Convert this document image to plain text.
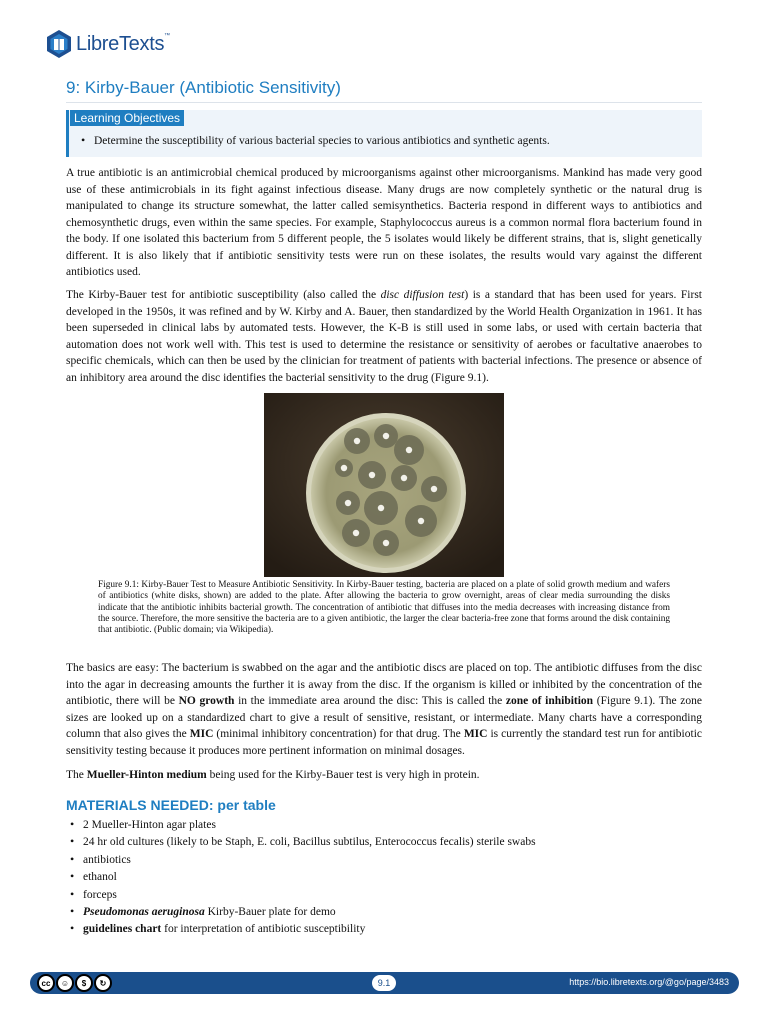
LibreTexts™
9: Kirby-Bauer (Antibiotic Sensitivity)
Learning Objectives
• Determine the susceptibility of various bacterial species to various antibiotics and synthetic agents.

A true antibiotic is an antimicrobial chemical produced by microorganisms against other microorganisms. Mankind has made very good use of these antimicrobials in its fight against infectious disease. Many drugs are now completely synthetic or the natural drug is manipulated to change its structure somewhat, the latter called semisynthetics. Bacteria respond in different ways to antibiotics and chemosynthetic drugs, even within the same species. For example, Staphylococcus aureus is a common normal flora bacterium found in the body. If one isolated this bacterium from 5 different people, the 5 isolates would likely be different strains, that is, slight genetically different. It is also likely that if antibiotic sensitivity tests were run on these isolates, the results would vary against the different antibiotics used.

The Kirby-Bauer test for antibiotic susceptibility (also called the disc diffusion test) is a standard that has been used for years. First developed in the 1950s, it was refined and by W. Kirby and A. Bauer, then standardized by the World Health Organization in 1961. It has been superseded in clinical labs by automated tests. However, the K-B is still used in some labs, or used with certain bacteria that automation does not work well with. This test is used to determine the resistance or sensitivity of aerobes or facultative anaerobes to specific chemicals, which can then be used by the clinician for treatment of patients with bacterial infections. The presence or absence of an inhibitory area around the disc identifies the bacterial sensitivity to the drug (Figure 9.1).

Figure 9.1: Kirby-Bauer Test to Measure Antibiotic Sensitivity. In Kirby-Bauer testing, bacteria are placed on a plate of solid growth medium and wafers of antibiotics (white disks, shown) are added to the plate. After allowing the bacteria to grow overnight, areas of clear media surrounding the disks indicate that the antibiotic inhibits bacterial growth. The concentration of antibiotic that diffuses into the media decreases with increasing distance from the source. Therefore, the more sensitive the bacteria are to a given antibiotic, the larger the clear bacteria-free zone that forms around the disk containing that antibiotic. (Public domain; via Wikipedia).

The basics are easy: The bacterium is swabbed on the agar and the antibiotic discs are placed on top. The antibiotic diffuses from the disc into the agar in decreasing amounts the further it is away from the disc. If the organism is killed or inhibited by the concentration of the antibiotic, there will be NO growth in the immediate area around the disc: This is called the zone of inhibition (Figure 9.1). The zone sizes are looked up on a standardized chart to give a result of sensitive, resistant, or intermediate. Many charts have a corresponding column that also gives the MIC (minimal inhibitory concentration) for that drug. The MIC is currently the standard test run for antibiotic sensitivity testing because it produces more pertinent information on minimal dosages.

The Mueller-Hinton medium being used for the Kirby-Bauer test is very high in protein.

MATERIALS NEEDED: per table
• 2 Mueller-Hinton agar plates
• 24 hr old cultures (likely to be Staph, E. coli, Bacillus subtilus, Enterococcus fecalis) sterile swabs
• antibiotics
• ethanol
• forceps
• Pseudomonas aeruginosa Kirby-Bauer plate for demo
• guidelines chart for interpretation of antibiotic susceptibility
cc	☺	$	↻	9.1	https://bio.libretexts.org/@go/page/3483
